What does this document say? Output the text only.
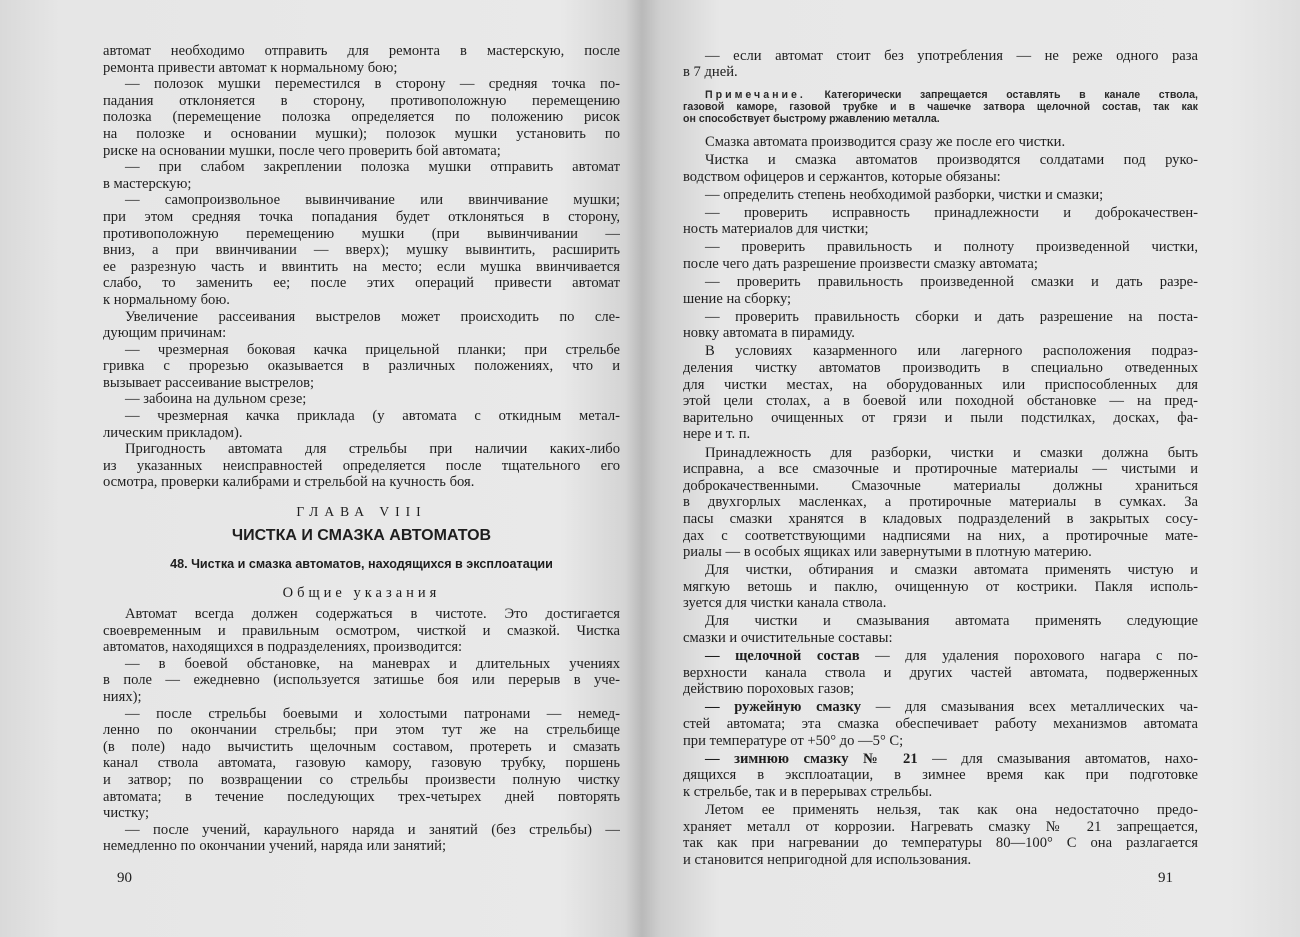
автомат необходимо отправить для ремонта в мастерскую, после
ремонта привести автомат к нормальному бою;
— полозок мушки переместился в сторону — средняя точка по-
падания отклоняется в сторону, противоположную перемещению
полозка (перемещение полозка определяется по положению рисок
на полозке и основании мушки); полозок мушки установить по
риске на основании мушки, после чего проверить бой автомата;
— при слабом закреплении полозка мушки отправить автомат
в мастерскую;
— самопроизвольное вывинчивание или ввинчивание мушки;
при этом средняя точка попадания будет отклоняться в сторону,
противоположную перемещению мушки (при вывинчивании —
вниз, а при ввинчивании — вверх); мушку вывинтить, расширить
ее разрезную часть и ввинтить на место; если мушка ввинчивается
слабо, то заменить ее; после этих операций привести автомат
к нормальному бою.
Увеличение рассеивания выстрелов может происходить по сле-
дующим причинам:
— чрезмерная боковая качка прицельной планки; при стрельбе
гривка с прорезью оказывается в различных положениях, что и
вызывает рассеивание выстрелов;
— забоина на дульном срезе;
— чрезмерная качка приклада (у автомата с откидным метал-
лическим прикладом).
Пригодность автомата для стрельбы при наличии каких-либо
из указанных неисправностей определяется после тщательного его
осмотра, проверки калибрами и стрельбой на кучность боя.
ГЛАВА VIII
ЧИСТКА И СМАЗКА АВТОМАТОВ
48. Чистка и смазка автоматов, находящихся в эксплоатации
Общие указания
Автомат всегда должен содержаться в чистоте. Это достигается
своевременным и правильным осмотром, чисткой и смазкой. Чистка
автоматов, находящихся в подразделениях, производится:
— в боевой обстановке, на маневрах и длительных учениях
в поле — ежедневно (используется затишье боя или перерыв в уче-
ниях);
— после стрельбы боевыми и холостыми патронами — немед-
ленно по окончании стрельбы; при этом тут же на стрельбище
(в поле) надо вычистить щелочным составом, протереть и смазать
канал ствола автомата, газовую камору, газовую трубку, поршень
и затвор; по возвращении со стрельбы произвести полную чистку
автомата; в течение последующих трех-четырех дней повторять
чистку;
— после учений, караульного наряда и занятий (без стрельбы) —
немедленно по окончании учений, наряда или занятий;
— если автомат стоит без употребления — не реже одного раза
в 7 дней.
Примечание. Категорически запрещается оставлять в канале ствола,
газовой каморе, газовой трубке и в чашечке затвора щелочной состав, так как
он способствует быстрому ржавлению металла.
Смазка автомата производится сразу же после его чистки.
Чистка и смазка автоматов производятся солдатами под руко-
водством офицеров и сержантов, которые обязаны:
— определить степень необходимой разборки, чистки и смазки;
— проверить исправность принадлежности и доброкачествен-
ность материалов для чистки;
— проверить правильность и полноту произведенной чистки,
после чего дать разрешение произвести смазку автомата;
— проверить правильность произведенной смазки и дать разре-
шение на сборку;
— проверить правильность сборки и дать разрешение на поста-
новку автомата в пирамиду.
В условиях казарменного или лагерного расположения подраз-
деления чистку автоматов производить в специально отведенных
для чистки местах, на оборудованных или приспособленных для
этой цели столах, а в боевой или походной обстановке — на пред-
варительно очищенных от грязи и пыли подстилках, досках, фа-
нере и т. п.
Принадлежность для разборки, чистки и смазки должна быть
исправна, а все смазочные и протирочные материалы — чистыми и
доброкачественными. Смазочные материалы должны храниться
в двухгорлых масленках, а протирочные материалы в сумках. За
пасы смазки хранятся в кладовых подразделений в закрытых сосу-
дах с соответствующими надписями на них, а протирочные мате-
риалы — в особых ящиках или завернутыми в плотную материю.
Для чистки, обтирания и смазки автомата применять чистую и
мягкую ветошь и паклю, очищенную от кострики. Пакля исполь-
зуется для чистки канала ствола.
Для чистки и смазывания автомата применять следующие
смазки и очистительные составы:
— щелочной состав — для удаления порохового нагара с по-
верхности канала ствола и других частей автомата, подверженных
действию пороховых газов;
— ружейную смазку — для смазывания всех металлических ча-
стей автомата; эта смазка обеспечивает работу механизмов автомата
при температуре от +50° до —5° C;
— зимнюю смазку № 21 — для смазывания автоматов, нахо-
дящихся в эксплоатации, в зимнее время как при подготовке
к стрельбе, так и в перерывах стрельбы.
Летом ее применять нельзя, так как она недостаточно предо-
храняет металл от коррозии. Нагревать смазку № 21 запрещается,
так как при нагревании до температуры 80—100° C она разлагается
и становится непригодной для использования.
90	91
